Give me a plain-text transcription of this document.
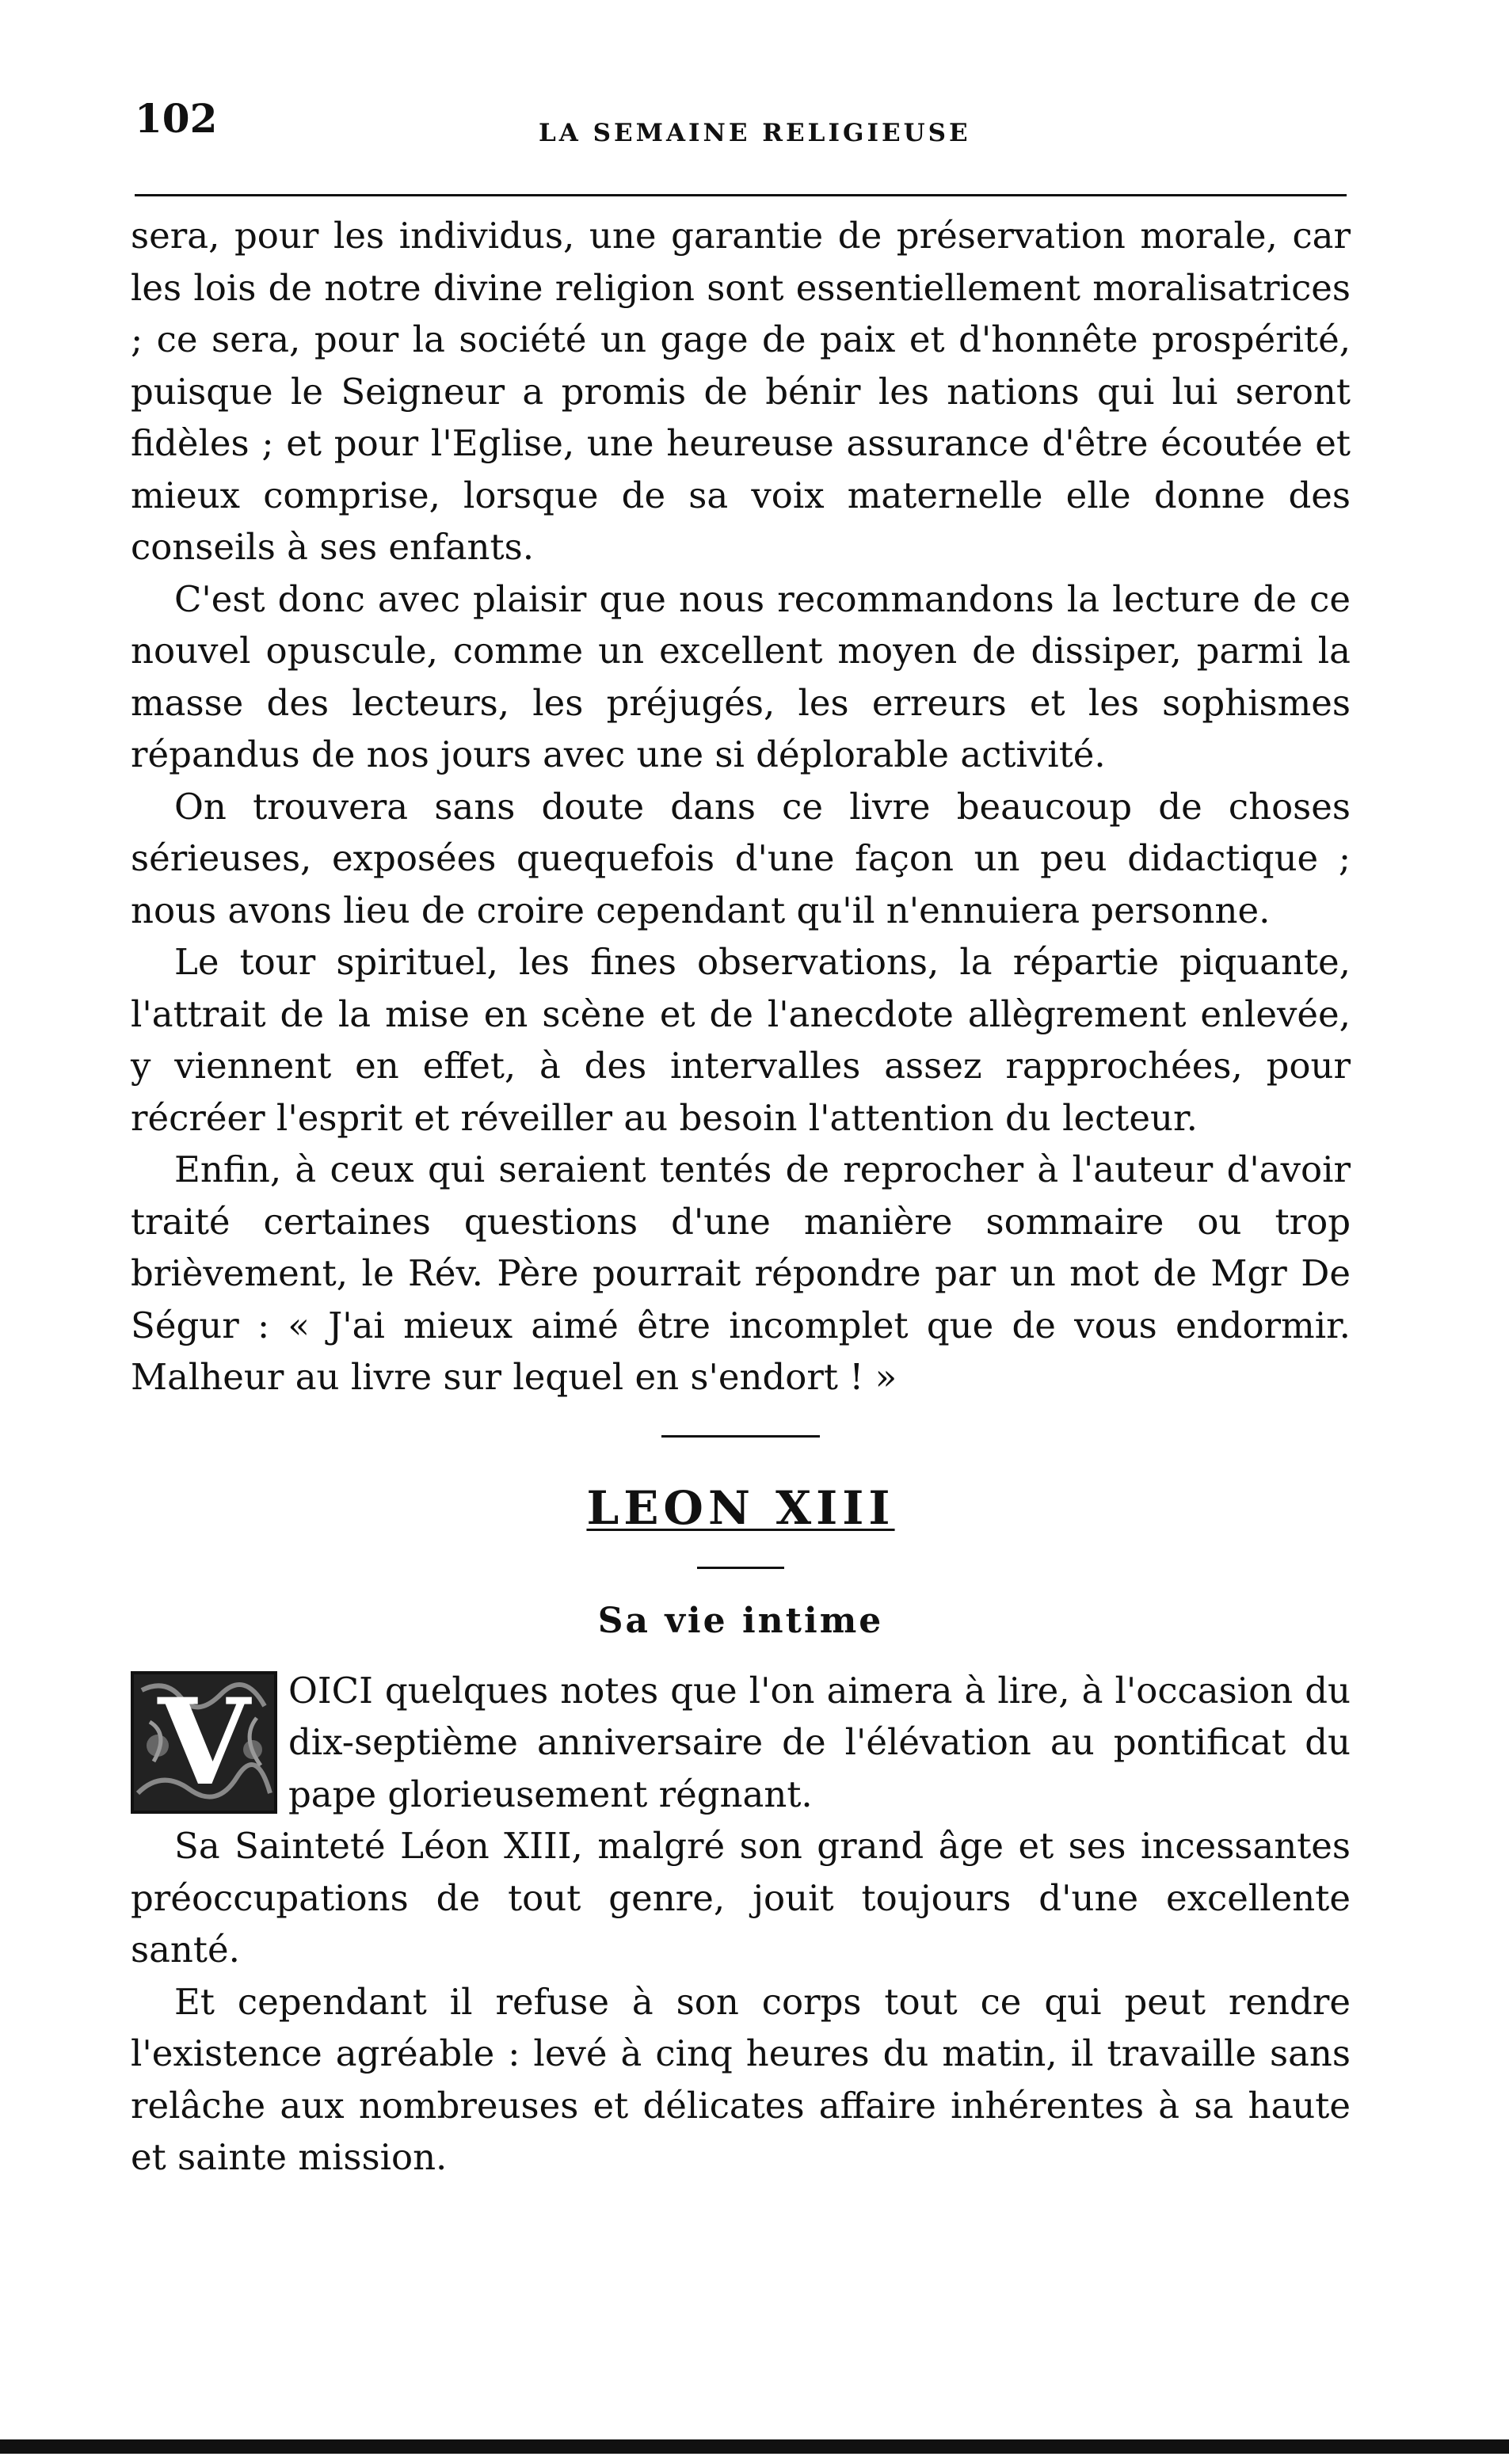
102	LA SEMAINE RELIGIEUSE

sera, pour les individus, une garantie de préservation morale, car les lois de notre divine religion sont essentiellement moralisatrices ; ce sera, pour la société un gage de paix et d'honnête prospérité, puisque le Seigneur a promis de bénir les nations qui lui seront fidèles ; et pour l'Eglise, une heureuse assurance d'être écoutée et mieux comprise, lorsque de sa voix maternelle elle donne des conseils à ses enfants.

C'est donc avec plaisir que nous recommandons la lecture de ce nouvel opuscule, comme un excellent moyen de dissiper, parmi la masse des lecteurs, les préjugés, les erreurs et les sophismes répandus de nos jours avec une si déplorable activité.

On trouvera sans doute dans ce livre beaucoup de choses sérieuses, exposées quequefois d'une façon un peu didactique ; nous avons lieu de croire cependant qu'il n'ennuiera personne.

Le tour spirituel, les fines observations, la répartie piquante, l'attrait de la mise en scène et de l'anecdote allègrement enlevée, y viennent en effet, à des intervalles assez rapprochées, pour récréer l'esprit et réveiller au besoin l'attention du lecteur.

Enfin, à ceux qui seraient tentés de reprocher à l'auteur d'avoir traité certaines questions d'une manière sommaire ou trop brièvement, le Rév. Père pourrait répondre par un mot de Mgr De Ségur : « J'ai mieux aimé être incomplet que de vous endormir. Malheur au livre sur lequel en s'endort ! »

LEON XIII
Sa vie intime
V	OICI quelques notes que l'on aimera à lire, à l'occasion du dix-septième anniversaire de l'élévation au pontificat du pape glorieusement régnant.

Sa Sainteté Léon XIII, malgré son grand âge et ses incessantes préoccupations de tout genre, jouit toujours d'une excellente santé.

Et cependant il refuse à son corps tout ce qui peut rendre l'existence agréable : levé à cinq heures du matin, il travaille sans relâche aux nombreuses et délicates affaire inhérentes à sa haute et sainte mission.
